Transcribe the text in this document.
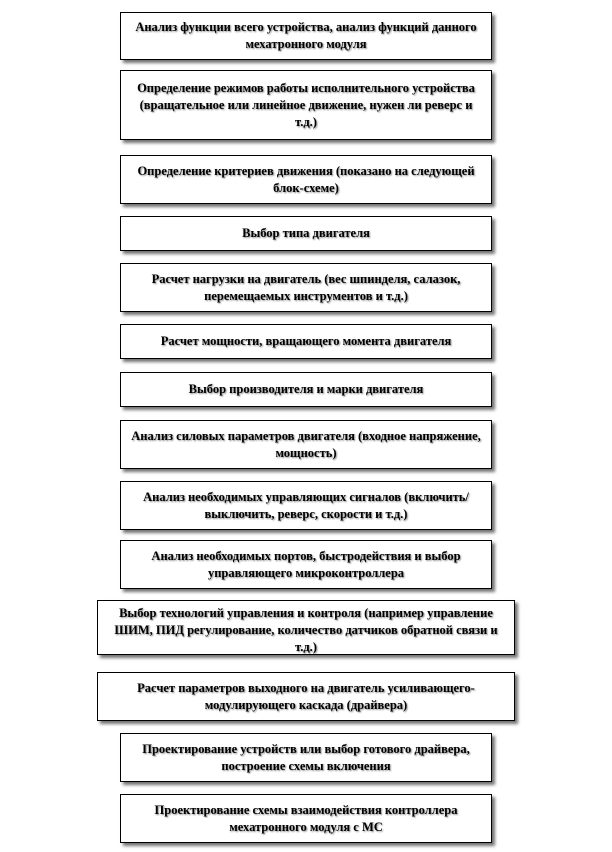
Анализ функции всего устройства, анализ функций данного мехатронного модуля
Определение режимов работы исполнительного устройства (вращательное или линейное движение, нужен ли реверс и т.д.)
Определение критериев движения (показано на следующей блок-схеме)
Выбор типа двигателя
Расчет нагрузки на двигатель (вес шпинделя, салазок, перемещаемых инструментов и т.д.)
Расчет мощности, вращающего момента двигателя
Выбор производителя и марки двигателя
Анализ силовых параметров двигателя (входное напряжение, мощность)
Анализ необходимых управляющих сигналов (включить/выключить, реверс, скорости и т.д.)
Анализ необходимых портов, быстродействия и выбор управляющего микроконтроллера
Выбор технологий управления и контроля (например управление ШИМ, ПИД регулирование, количество датчиков обратной связи и т.д.)
Расчет параметров выходного на двигатель усиливающего- модулирующего каскада (драйвера)
Проектирование устройств или выбор готового драйвера, построение схемы включения
Проектирование схемы взаимодействия контроллера мехатронного модуля с МС
